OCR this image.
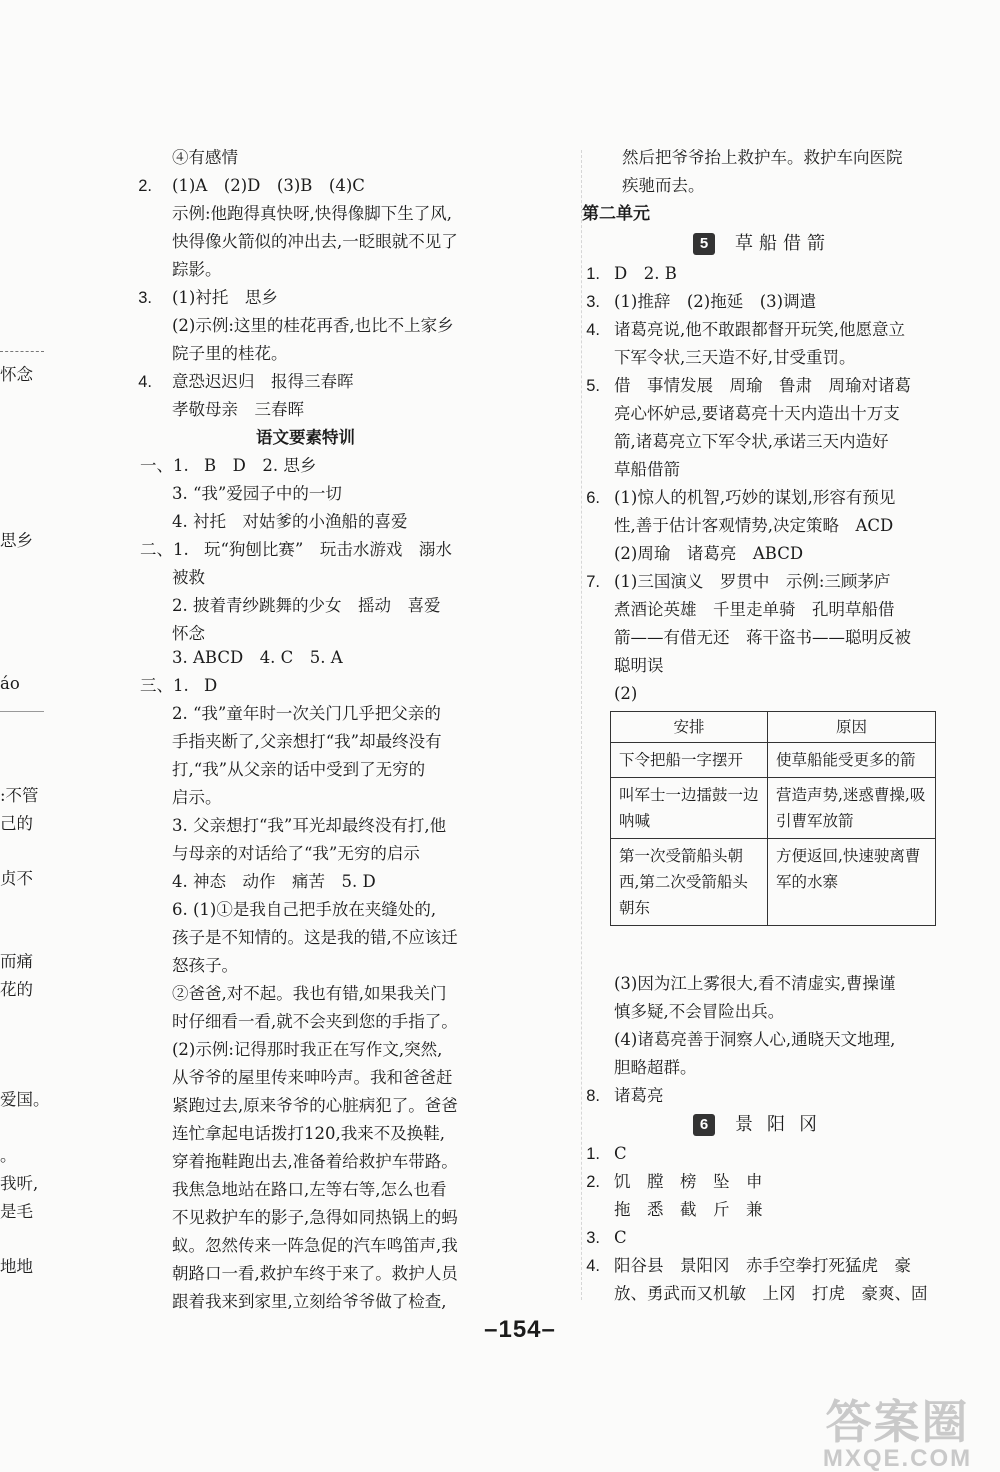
怀念
思乡
áo
:不管
己的
贞不
而痛
花的
爱国。
。
我听,
是毛
地地
④有感情
2. (1)A　(2)D　(3)B　(4)C
示例:他跑得真快呀,快得像脚下生了风,
快得像火箭似的冲出去,一眨眼就不见了
踪影。
3. (1)衬托　思乡
(2)示例:这里的桂花再香,也比不上家乡
院子里的桂花。
4. 意恐迟迟归　报得三春晖
孝敬母亲　三春晖
语文要素特训
一、1. B　D　2. 思乡
3. “我”爱园子中的一切
4. 衬托　对姑爹的小渔船的喜爱
二、1. 玩“狗刨比赛”　玩击水游戏　溺水
被救
2. 披着青纱跳舞的少女　摇动　喜爱
怀念
3. ABCD　4. C　5. A
三、1. D
2. “我”童年时一次关门几乎把父亲的
手指夹断了,父亲想打“我”却最终没有
打,“我”从父亲的话中受到了无穷的
启示。
3. 父亲想打“我”耳光却最终没有打,他
与母亲的对话给了“我”无穷的启示
4. 神态　动作　痛苦　5. D
6. (1)①是我自己把手放在夹缝处的,
孩子是不知情的。这是我的错,不应该迁
怒孩子。
②爸爸,对不起。我也有错,如果我关门
时仔细看一看,就不会夹到您的手指了。
(2)示例:记得那时我正在写作文,突然,
从爷爷的屋里传来呻吟声。我和爸爸赶
紧跑过去,原来爷爷的心脏病犯了。爸爸
连忙拿起电话拨打120,我来不及换鞋,
穿着拖鞋跑出去,准备着给救护车带路。
我焦急地站在路口,左等右等,怎么也看
不见救护车的影子,急得如同热锅上的蚂
蚁。忽然传来一阵急促的汽车鸣笛声,我
朝路口一看,救护车终于来了。救护人员
跟着我来到家里,立刻给爷爷做了检查,
然后把爷爷抬上救护车。救护车向医院
疾驰而去。
第二单元
5	草船借箭
1. D　2. B
3. (1)推辞　(2)拖延　(3)调遣
4. 诸葛亮说,他不敢跟都督开玩笑,他愿意立
下军令状,三天造不好,甘受重罚。
5. 借　事情发展　周瑜　鲁肃　周瑜对诸葛
亮心怀妒忌,要诸葛亮十天内造出十万支
箭,诸葛亮立下军令状,承诺三天内造好
草船借箭
6. (1)惊人的机智,巧妙的谋划,形容有预见
性,善于估计客观情势,决定策略　ACD
(2)周瑜　诸葛亮　ABCD
7. (1)三国演义　罗贯中　示例:三顾茅庐
煮酒论英雄　千里走单骑　孔明草船借
箭——有借无还　蒋干盗书——聪明反被
聪明误
(2)
安排	原因
下令把船一字摆开	使草船能受更多的箭
叫军士一边擂鼓一边呐喊	营造声势,迷惑曹操,吸引曹军放箭
第一次受箭船头朝西,第二次受箭船头朝东	方便返回,快速驶离曹军的水寨
(3)因为江上雾很大,看不清虚实,曹操谨
慎多疑,不会冒险出兵。
(4)诸葛亮善于洞察人心,通晓天文地理,
胆略超群。
8. 诸葛亮
6	景阳冈
1. C
2. 饥　膛　榜　坠　申
拖　悉　截　斤　兼
3. C
4. 阳谷县　景阳冈　赤手空拳打死猛虎　豪
放、勇武而又机敏　上冈　打虎　豪爽、固
–154–
答案圈
MXQE.COM
